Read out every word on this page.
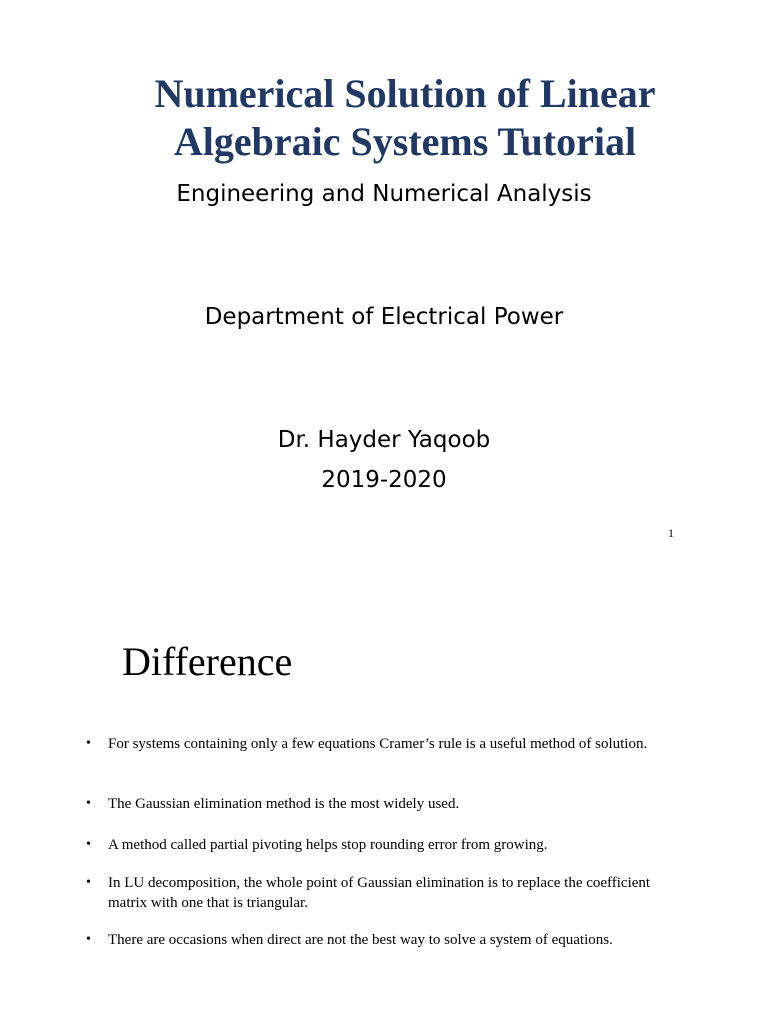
Numerical Solution of Linear
Algebraic Systems Tutorial

Engineering and Numerical Analysis

Department of Electrical Power

Dr. Hayder Yaqoob

2019-2020

1
Difference
• For systems containing only a few equations Cramer’s rule is a useful method of solution.
• The Gaussian elimination method is the most widely used.
• A method called partial pivoting helps stop rounding error from growing.
• In LU decomposition, the whole point of Gaussian elimination is to replace the coefficient matrix with one that is triangular.
• There are occasions when direct are not the best way to solve a system of equations.
